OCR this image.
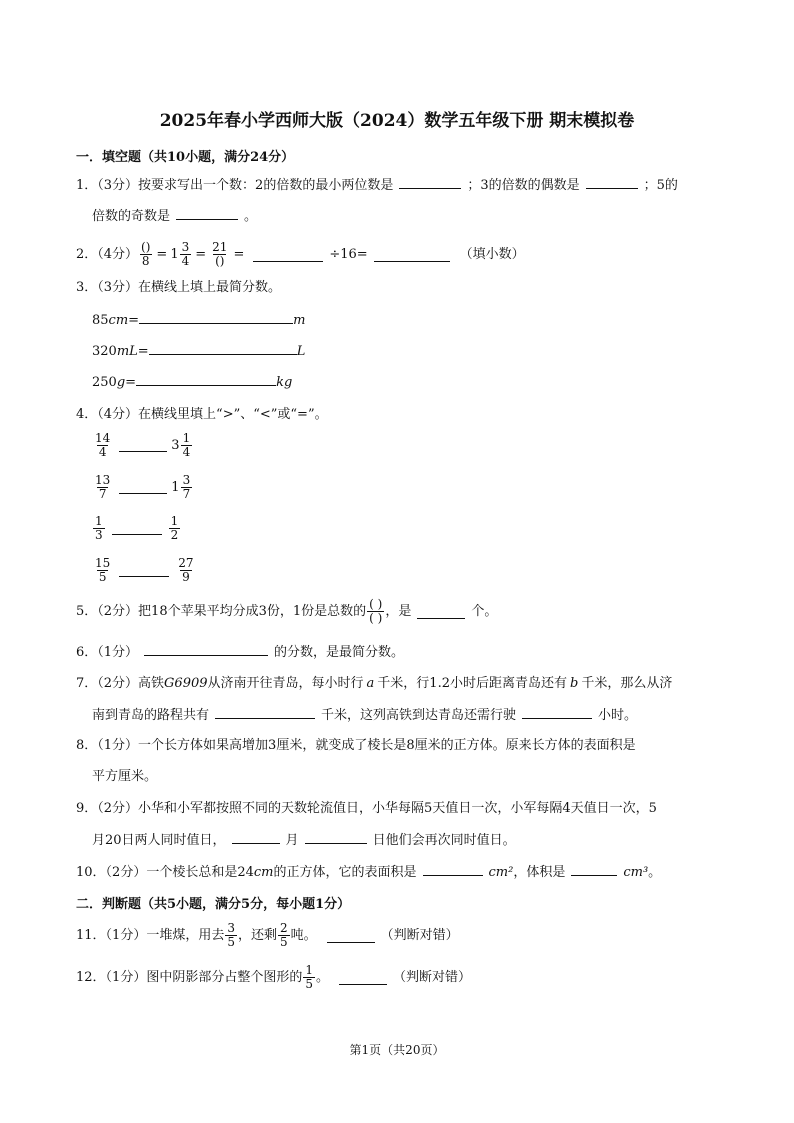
2025年春小学西师大版（2024）数学五年级下册 期末模拟卷
一．填空题（共10小题，满分24分）
1．（3分）按要求写出一个数：2的倍数的最小两位数是	；3的倍数的偶数是	；5的
倍数的奇数是	。
2．（4分） $\frac{()}{8} = 1 \frac{3}{4} = \frac{21}{()}$ =	÷16=	（填小数）
3．（3分）在横线上填上最简分数。
85cm=	m
320mL=	L
250g=	kg
4．（4分）在横线里填上“>”、“<”或“=”。
$\frac{14}{4}$	$3 \frac{1}{4}$
$\frac{13}{7}$	$1 \frac{3}{7}$
$\frac{1}{3}$	$\frac{1}{2}$
$\frac{15}{5}$	$\frac{27}{9}$
5．（2分）把18个苹果平均分成3份，1份是总数的 $\frac{( )}{( )}$ ，是	个。
6．（1分）	的分数，是最简分数。
7．（2分）高铁G6909从济南开往青岛，每小时行 a 千米，行1.2小时后距离青岛还有 b 千米，那么从济
南到青岛的路程共有	千米，这列高铁到达青岛还需行驶	小时。
8．（1分）一个长方体如果高增加3厘米，就变成了棱长是8厘米的正方体。原来长方体的表面积是
平方厘米。
9．（2分）小华和小军都按照不同的天数轮流值日，小华每隔5天值日一次，小军每隔4天值日一次，5
月20日两人同时值日，	月	日他们会再次同时值日。
10．（2分）一个棱长总和是24cm的正方体，它的表面积是	cm²，体积是	cm³。
二．判断题（共5小题，满分5分，每小题1分）
11．（1分）一堆煤，用去 $\frac{3}{5}$ ，还剩 $\frac{2}{5}$ 吨。	（判断对错）
12．（1分）图中阴影部分占整个图形的 $\frac{1}{5}$ 。	（判断对错）
第1页（共20页）
